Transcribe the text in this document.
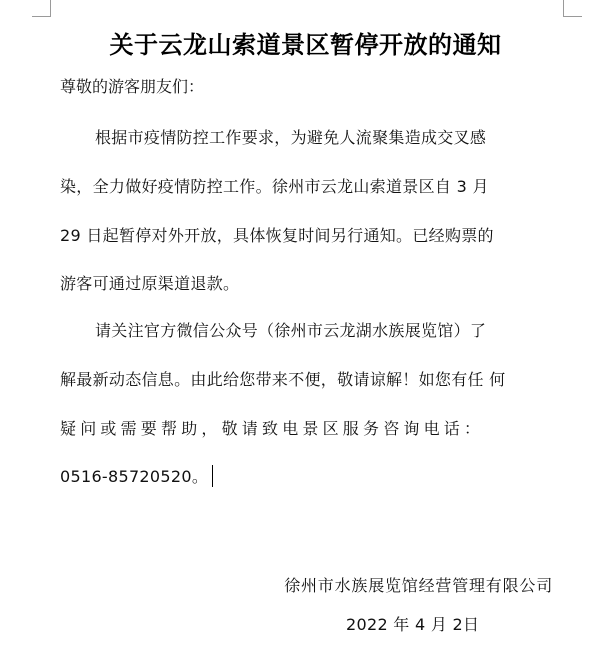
关于云龙山索道景区暂停开放的通知
尊敬的游客朋友们：
根据市疫情防控工作要求，为避免人流聚集造成交叉感
染，全力做好疫情防控工作。徐州市云龙山索道景区自 3 月
29 日起暂停对外开放，具体恢复时间另行通知。已经购票的
游客可通过原渠道退款。
请关注官方微信公众号（徐州市云龙湖水族展览馆）了
解最新动态信息。由此给您带来不便，敬请谅解！如您有任 何
疑问或需要帮助，敬请致电景区服务咨询电话：
0516-85720520。
徐州市水族展览馆经营管理有限公司
2022 年 4 月 2日
